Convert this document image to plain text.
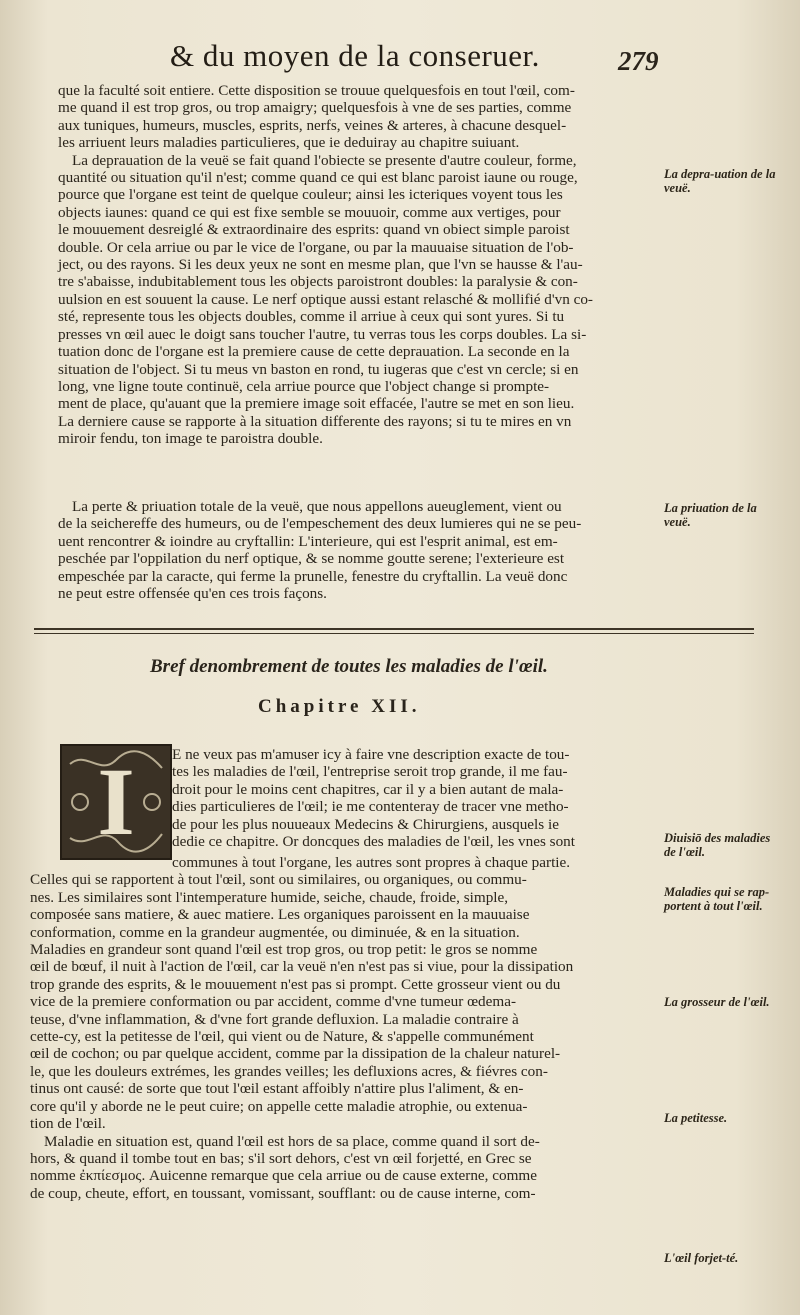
& du moyen de la conseruer.	279

que la faculté soit entiere. Cette disposition se trouue quelquesfois en tout l'œil, com-

me quand il est trop gros, ou trop amaigry; quelquesfois à vne de ses parties, comme

aux tuniques, humeurs, muscles, esprits, nerfs, veines & arteres, à chacune desquel-

les arriuent leurs maladies particulieres, que ie deduiray au chapitre suiuant.

La deprauation de la veuë se fait quand l'obiecte se presente d'autre couleur, forme,

quantité ou situation qu'il n'est; comme quand ce qui est blanc paroist iaune ou rouge,

pource que l'organe est teint de quelque couleur; ainsi les icteriques voyent tous les

objects iaunes: quand ce qui est fixe semble se mouuoir, comme aux vertiges, pour

le mouuement desreiglé & extraordinaire des esprits: quand vn obiect simple paroist

double. Or cela arriue ou par le vice de l'organe, ou par la mauuaise situation de l'ob-

ject, ou des rayons. Si les deux yeux ne sont en mesme plan, que l'vn se hausse & l'au-

tre s'abaisse, indubitablement tous les objects paroistront doubles: la paralysie & con-

uulsion en est souuent la cause. Le nerf optique aussi estant relasché & mollifié d'vn co-

sté, represente tous les objects doubles, comme il arriue à ceux qui sont yures. Si tu

presses vn œil auec le doigt sans toucher l'autre, tu verras tous les corps doubles. La si-

tuation donc de l'organe est la premiere cause de cette deprauation. La seconde en la

situation de l'object. Si tu meus vn baston en rond, tu iugeras que c'est vn cercle; si en

long, vne ligne toute continuë, cela arriue pource que l'object change si prompte-

ment de place, qu'auant que la premiere image soit effacée, l'autre se met en son lieu.

La derniere cause se rapporte à la situation differente des rayons; si tu te mires en vn

miroir fendu, ton image te paroistra double.

La depra-uation de la veuë.

La perte & priuation totale de la veuë, que nous appellons aueuglement, vient ou

de la seichereffe des humeurs, ou de l'empeschement des deux lumieres qui ne se peu-

uent rencontrer & ioindre au cryftallin: L'interieure, qui est l'esprit animal, est em-

peschée par l'oppilation du nerf optique, & se nomme goutte serene; l'exterieure est

empeschée par la caracte, qui ferme la prunelle, fenestre du cryftallin. La veuë donc

ne peut estre offensée qu'en ces trois façons.

La priuation de la veuë.
Bref denombrement de toutes les maladies de l'œil.
Chapitre XII.
I	E ne veux pas m'amuser icy à faire vne description exacte de tou-

tes les maladies de l'œil, l'entreprise seroit trop grande, il me fau-

droit pour le moins cent chapitres, car il y a bien autant de mala-

dies particulieres de l'œil; ie me contenteray de tracer vne metho-

de pour les plus nouueaux Medecins & Chirurgiens, ausquels ie

dedie ce chapitre. Or doncques des maladies de l'œil, les vnes sont

communes à tout l'organe, les autres sont propres à chaque partie.

Celles qui se rapportent à tout l'œil, sont ou similaires, ou organiques, ou commu-

nes. Les similaires sont l'intemperature humide, seiche, chaude, froide, simple,

composée sans matiere, & auec matiere. Les organiques paroissent en la mauuaise

conformation, comme en la grandeur augmentée, ou diminuée, & en la situation.

Maladies en grandeur sont quand l'œil est trop gros, ou trop petit: le gros se nomme

œil de bœuf, il nuit à l'action de l'œil, car la veuë n'en n'est pas si viue, pour la dissipation

trop grande des esprits, & le mouuement n'est pas si prompt. Cette grosseur vient ou du

vice de la premiere conformation ou par accident, comme d'vne tumeur œdema-

teuse, d'vne inflammation, & d'vne fort grande defluxion. La maladie contraire à

cette-cy, est la petitesse de l'œil, qui vient ou de Nature, & s'appelle communément

œil de cochon; ou par quelque accident, comme par la dissipation de la chaleur naturel-

le, que les douleurs extrémes, les grandes veilles; les defluxions acres, & fiévres con-

tinus ont causé: de sorte que tout l'œil estant affoibly n'attire plus l'aliment, & en-

core qu'il y aborde ne le peut cuire; on appelle cette maladie atrophie, ou extenua-

tion de l'œil.

Maladie en situation est, quand l'œil est hors de sa place, comme quand il sort de-

hors, & quand il tombe tout en bas; s'il sort dehors, c'est vn œil forjetté, en Grec se

nomme ἐκπίεσμος. Auicenne remarque que cela arriue ou de cause externe, comme

de coup, cheute, effort, en toussant, vomissant, soufflant: ou de cause interne, com-

Diuisiō des maladies de l'œil.
Maladies qui se rap-portent à tout l'œil.
La grosseur de l'œil.
La petitesse.
L'œil forjet-té.
